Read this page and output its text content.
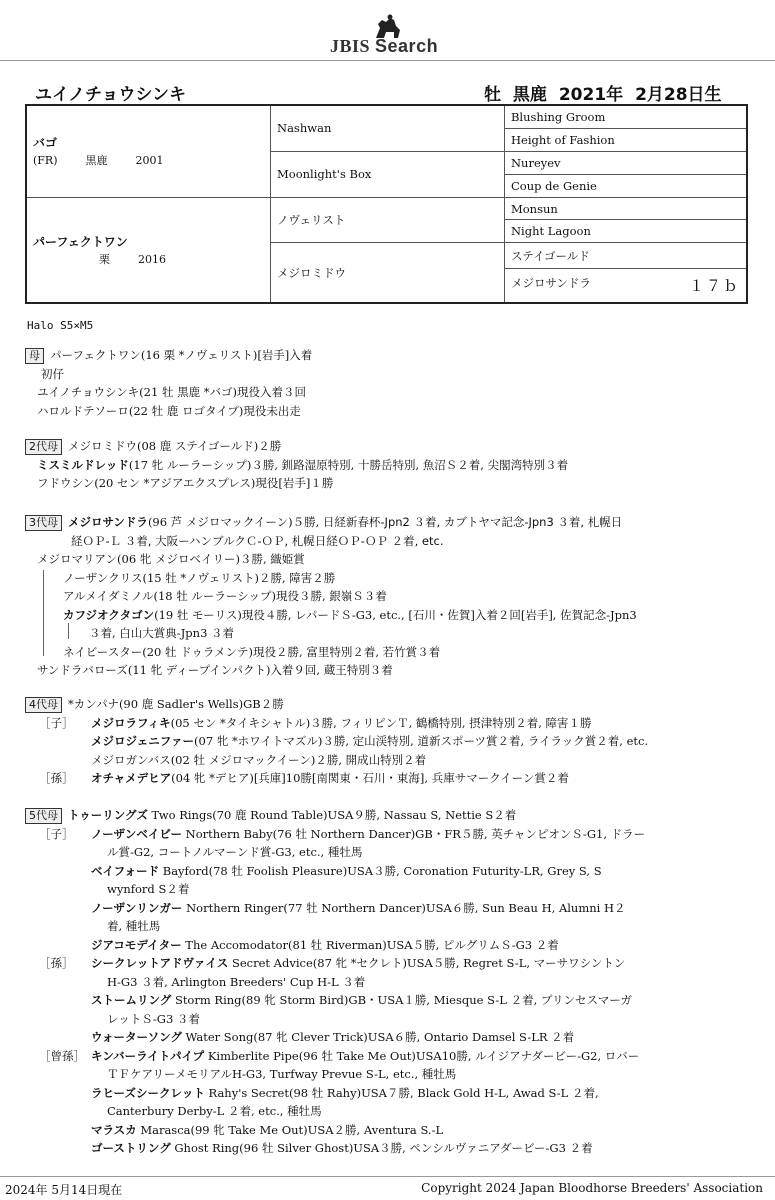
JBIS Search
ユイノチョウシンキ	牡 黒鹿 2021年 2月28日生
バゴ
(FR) 黒鹿 2001	Nashwan	Blushing Groom
		Height of Fashion
	Moonlight's Box	Nureyev
		Coup de Genie

パーフェクトワン
栗 2016	ノヴェリスト	Monsun
		Night Lagoon
	メジロミドウ	ステイゴールド
		メジロサンドラ １７ｂ
Halo S5×M5
母 パーフェクトワン(16 栗 *ノヴェリスト)[岩手]入着
初仔
ユイノチョウシンキ(21 牡 黒鹿 *バゴ)現役入着３回
ハロルドテソーロ(22 牡 鹿 ロゴタイプ)現役未出走
2代母 メジロミドウ(08 鹿 ステイゴールド)２勝
ミスミルドレッド(17 牝 ルーラーシップ)３勝, 釧路湿原特別, 十勝岳特別, 魚沼Ｓ２着, 尖閣湾特別３着
フドウシン(20 セン *アジアエクスプレス)現役[岩手]１勝
3代母 メジロサンドラ(96 芦 メジロマックイーン)５勝, 日経新春杯-Jpn2 ３着, カブトヤマ記念-Jpn3 ３着, 札幌日
経ＯＰ-Ｌ ３着, 大阪ーハンブルクＣ-ＯＰ, 札幌日経ＯＰ-ＯＰ ２着, etc.
メジロマリアン(06 牝 メジロベイリー)３勝, 織姫賞
ノーザンクリス(15 牡 *ノヴェリスト)２勝, 障害２勝
アルメイダミノル(18 牡 ルーラーシップ)現役３勝, 銀嶺Ｓ３着
カフジオクタゴン(19 牡 モーリス)現役４勝, レパードＳ-G3, etc., [石川・佐賀]入着２回[岩手], 佐賀記念-Jpn3
３着, 白山大賞典-Jpn3 ３着
ネイビースター(20 牡 ドゥラメンテ)現役２勝, 富里特別２着, 若竹賞３着
サンドラバローズ(11 牝 ディープインパクト)入着９回, 蔵王特別３着
4代母 *カンパナ(90 鹿 Sadler's Wells)GB２勝
［子］ メジロラフィキ(05 セン *タイキシャトル)３勝, フィリピンＴ, 鶴橋特別, 摂津特別２着, 障害１勝
メジロジェニファー(07 牝 *ホワイトマズル)３勝, 定山渓特別, 道新スポーツ賞２着, ライラック賞２着, etc.
メジロガンバス(02 牡 メジロマックイーン)２勝, 開成山特別２着
［孫］ オチャメデヒア(04 牝 *デヒア)[兵庫]10勝[南関東・石川・東海], 兵庫サマークイーン賞２着
5代母 トゥーリングズ Two Rings(70 鹿 Round Table)USA９勝, Nassau S, Nettie S２着
［子］ ノーザンベイビー Northern Baby(76 牡 Northern Dancer)GB・FR５勝, 英チャンピオンＳ-G1, ドラー
ル賞-G2, コートノルマーンド賞-G3, etc., 種牡馬
ベイフォード Bayford(78 牡 Foolish Pleasure)USA３勝, Coronation Futurity-LR, Grey S, S
wynford S２着
ノーザンリンガー Northern Ringer(77 牡 Northern Dancer)USA６勝, Sun Beau H, Alumni H２
着, 種牡馬
ジアコモデイター The Accomodator(81 牡 Riverman)USA５勝, ピルグリムＳ-G3 ２着
［孫］ シークレットアドヴァイス Secret Advice(87 牝 *セクレト)USA５勝, Regret S-L, マーサワシントン
H-G3 ３着, Arlington Breeders' Cup H-L ３着
ストームリング Storm Ring(89 牝 Storm Bird)GB・USA１勝, Miesque S-L ２着, プリンセスマーガ
レットＳ-G3 ３着
ウォーターソング Water Song(87 牝 Clever Trick)USA６勝, Ontario Damsel S-LR ２着
［曾孫］ キンバーライトパイプ Kimberlite Pipe(96 牡 Take Me Out)USA10勝, ルイジアナダービー-G2, ロバー
ＴＦケアリーメモリアルH-G3, Turfway Prevue S-L, etc., 種牡馬
ラヒーズシークレット Rahy's Secret(98 牡 Rahy)USA７勝, Black Gold H-L, Awad S-L ２着,
Canterbury Derby-L ２着, etc., 種牡馬
マラスカ Marasca(99 牝 Take Me Out)USA２勝, Aventura S.-L
ゴーストリング Ghost Ring(96 牡 Silver Ghost)USA３勝, ペンシルヴァニアダービー-G3 ２着
2024年 5月14日現在	Copyright 2024 Japan Bloodhorse Breeders' Association
